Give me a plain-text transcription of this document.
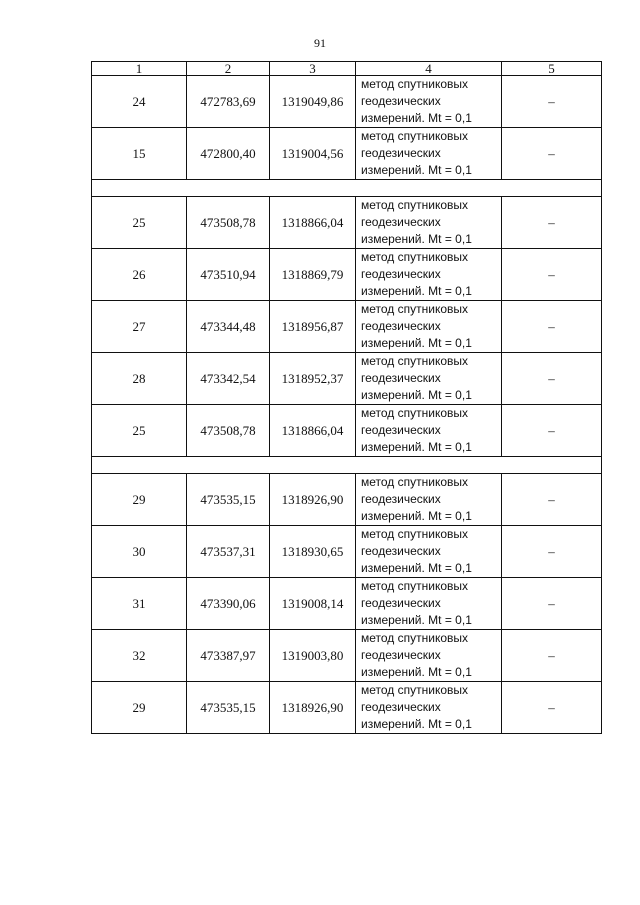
91
1	2	3	4	5
24	472783,69	1319049,86	метод спутниковых
геодезических
измерений. Mt = 0,1	–
15	472800,40	1319004,56	метод спутниковых
геодезических
измерений. Mt = 0,1	–

25	473508,78	1318866,04	метод спутниковых
геодезических
измерений. Mt = 0,1	–
26	473510,94	1318869,79	метод спутниковых
геодезических
измерений. Mt = 0,1	–
27	473344,48	1318956,87	метод спутниковых
геодезических
измерений. Mt = 0,1	–
28	473342,54	1318952,37	метод спутниковых
геодезических
измерений. Mt = 0,1	–
25	473508,78	1318866,04	метод спутниковых
геодезических
измерений. Mt = 0,1	–

29	473535,15	1318926,90	метод спутниковых
геодезических
измерений. Mt = 0,1	–
30	473537,31	1318930,65	метод спутниковых
геодезических
измерений. Mt = 0,1	–
31	473390,06	1319008,14	метод спутниковых
геодезических
измерений. Mt = 0,1	–
32	473387,97	1319003,80	метод спутниковых
геодезических
измерений. Mt = 0,1	–
29	473535,15	1318926,90	метод спутниковых
геодезических
измерений. Mt = 0,1	–
